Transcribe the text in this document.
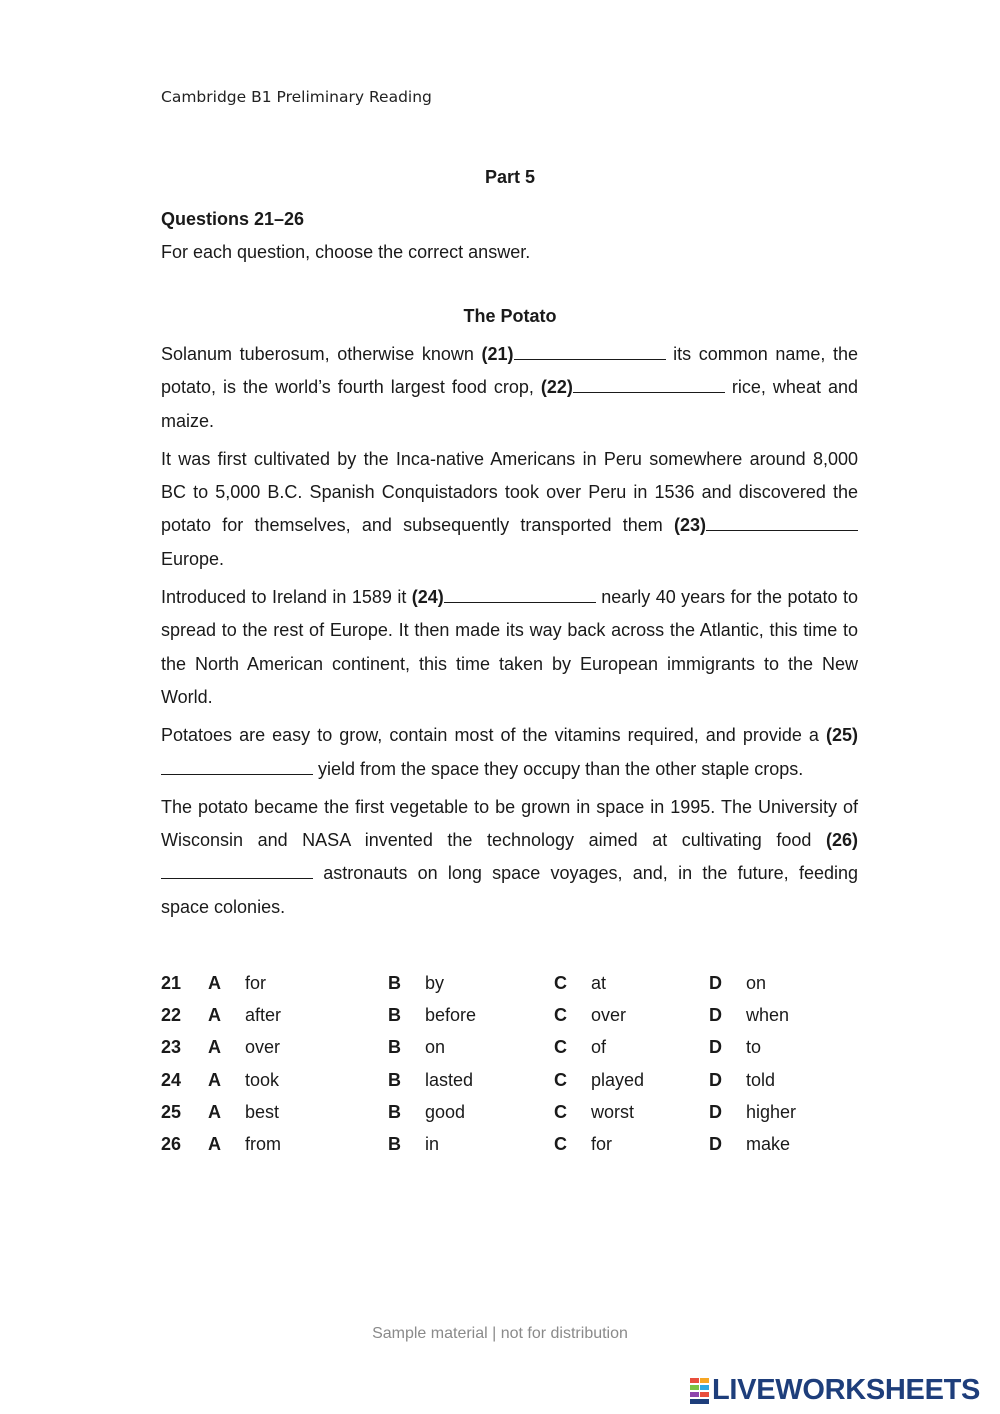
Cambridge B1 Preliminary Reading
Part 5
Questions 21–26
For each question, choose the correct answer.
The Potato

Solanum tuberosum, otherwise known (21)	its common name, the potato, is the world’s fourth largest food crop, (22)	rice, wheat and maize.

It was first cultivated by the Inca-native Americans in Peru somewhere around 8,000 BC to 5,000 B.C. Spanish Conquistadors took over Peru in 1536 and discovered the potato for themselves, and subsequently transported them (23) Europe.

Introduced to Ireland in 1589 it (24)	nearly 40 years for the potato to spread to the rest of Europe. It then made its way back across the Atlantic, this time to the North American continent, this time taken by European immigrants to the New World.

Potatoes are easy to grow, contain most of the vitamins required, and provide a (25) yield from the space they occupy than the other staple crops.

The potato became the first vegetable to be grown in space in 1995. The University of Wisconsin and NASA invented the technology aimed at cultivating food (26) astronauts on long space voyages, and, in the future, feeding space colonies.

21	A	for	B	by	C	at	D	on
22	A	after	B	before	C	over	D	when
23	A	over	B	on	C	of	D	to
24	A	took	B	lasted	C	played	D	told
25	A	best	B	good	C	worst	D	higher
26	A	from	B	in	C	for	D	make
Sample material | not for distribution
LIVEWORKSHEETS
